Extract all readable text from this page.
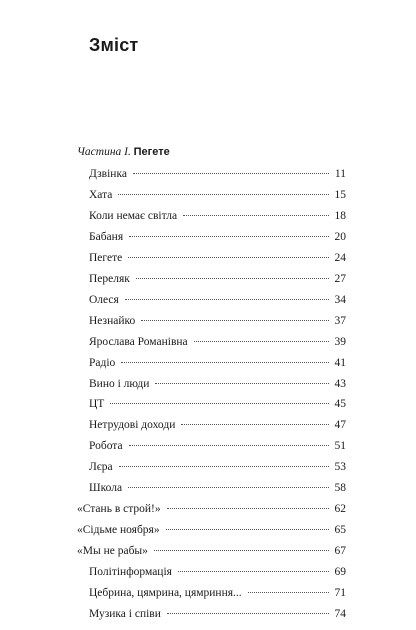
Зміст
Частина I. Пегете
Дзвінка	11
Хата	15
Коли немає світла	18
Бабаня	20
Пегете	24
Переляк	27
Олеся	34
Незнайко	37
Ярослава Романівна	39
Радіо	41
Вино і люди	43
ЦТ	45
Нетрудові доходи	47
Робота	51
Лєра	53
Школа	58
«Стань в строй!»	62
«Сідьме ноября»	65
«Мы не рабы»	67
Політінформація	69
Цебрина, цямрина, цямриння...	71
Музика і співи	74
